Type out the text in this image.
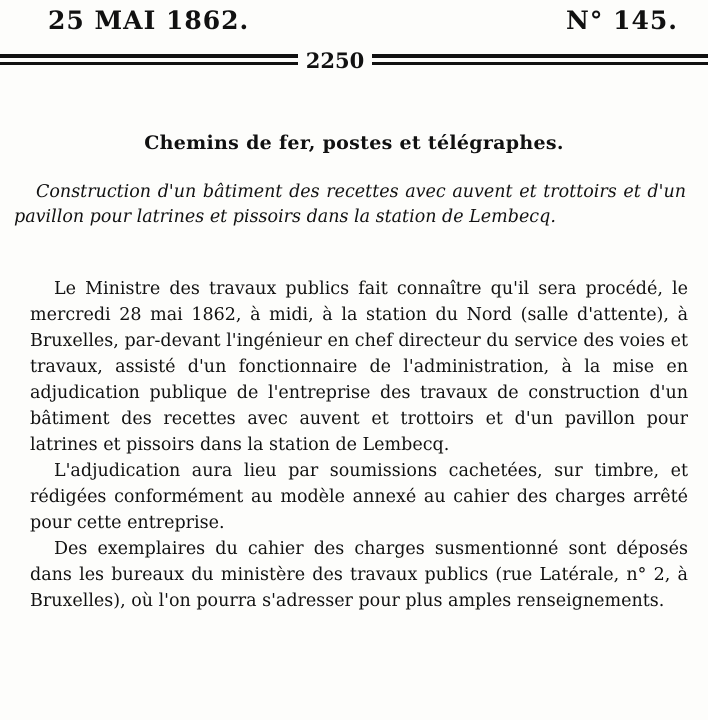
25 MAI 1862.	N° 145.
2250
Chemins de fer, postes et télégraphes.
Construction d'un bâtiment des recettes avec auvent et trottoirs et d'un pavillon pour latrines et pissoirs dans la station de Lembecq.

Le Ministre des travaux publics fait connaître qu'il sera procédé, le mercredi 28 mai 1862, à midi, à la station du Nord (salle d'attente), à Bruxelles, par-devant l'ingénieur en chef directeur du service des voies et travaux, assisté d'un fonctionnaire de l'administration, à la mise en adjudication publique de l'entreprise des travaux de construction d'un bâtiment des recettes avec auvent et trottoirs et d'un pavillon pour latrines et pissoirs dans la station de Lembecq.

L'adjudication aura lieu par soumissions cachetées, sur timbre, et rédigées conformément au modèle annexé au cahier des charges arrêté pour cette entreprise.

Des exemplaires du cahier des charges susmentionné sont déposés dans les bureaux du ministère des travaux publics (rue Latérale, n° 2, à Bruxelles), où l'on pourra s'adresser pour plus amples renseignements.
